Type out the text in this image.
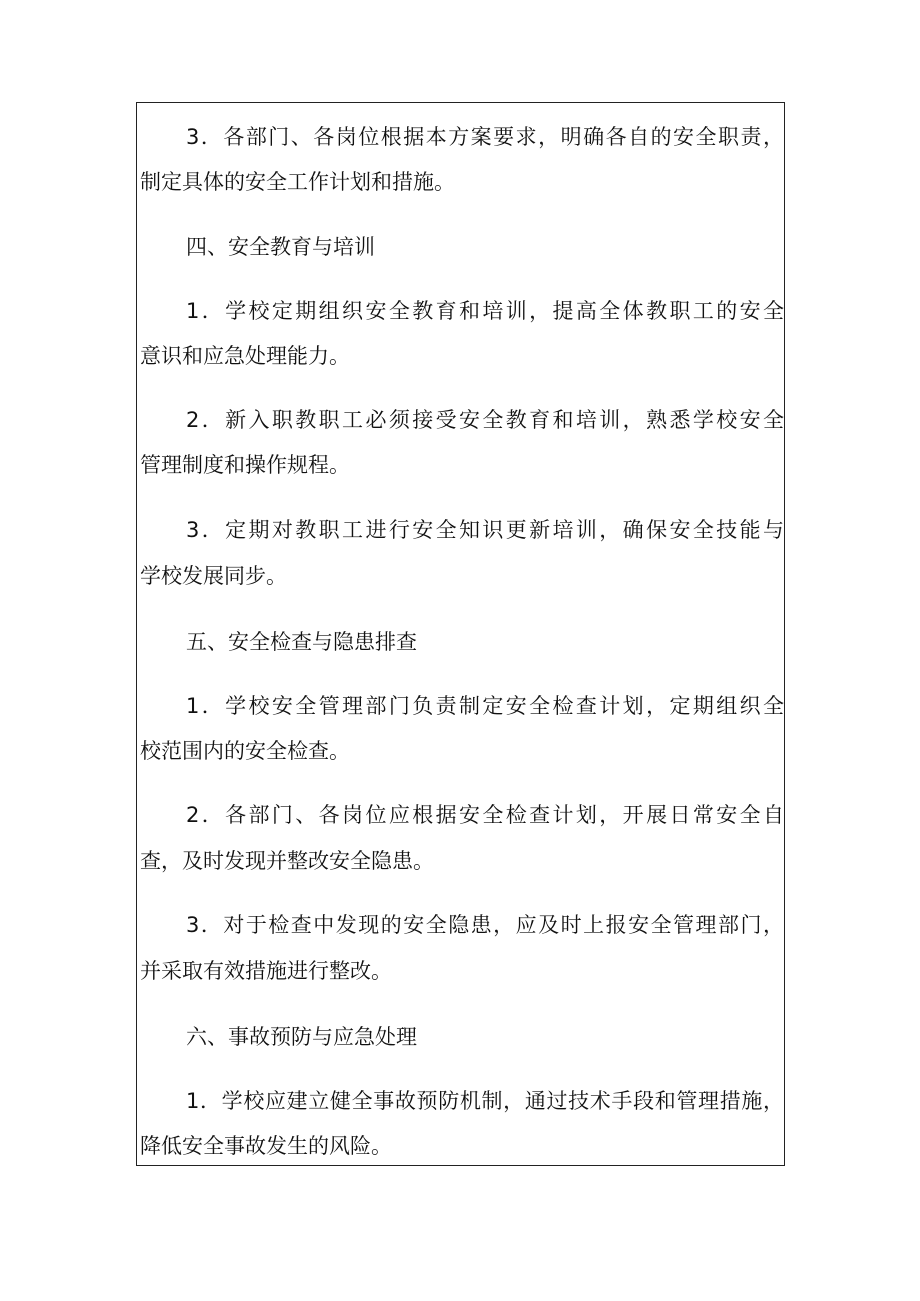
3．各部门、各岗位根据本方案要求，明确各自的安全职责，
制定具体的安全工作计划和措施。
四、安全教育与培训
1．学校定期组织安全教育和培训，提高全体教职工的安全
意识和应急处理能力。
2．新入职教职工必须接受安全教育和培训，熟悉学校安全
管理制度和操作规程。
3．定期对教职工进行安全知识更新培训，确保安全技能与
学校发展同步。
五、安全检查与隐患排查
1．学校安全管理部门负责制定安全检查计划，定期组织全
校范围内的安全检查。
2．各部门、各岗位应根据安全检查计划，开展日常安全自
查，及时发现并整改安全隐患。
3．对于检查中发现的安全隐患，应及时上报安全管理部门，
并采取有效措施进行整改。
六、事故预防与应急处理
1．学校应建立健全事故预防机制，通过技术手段和管理措施，
降低安全事故发生的风险。
